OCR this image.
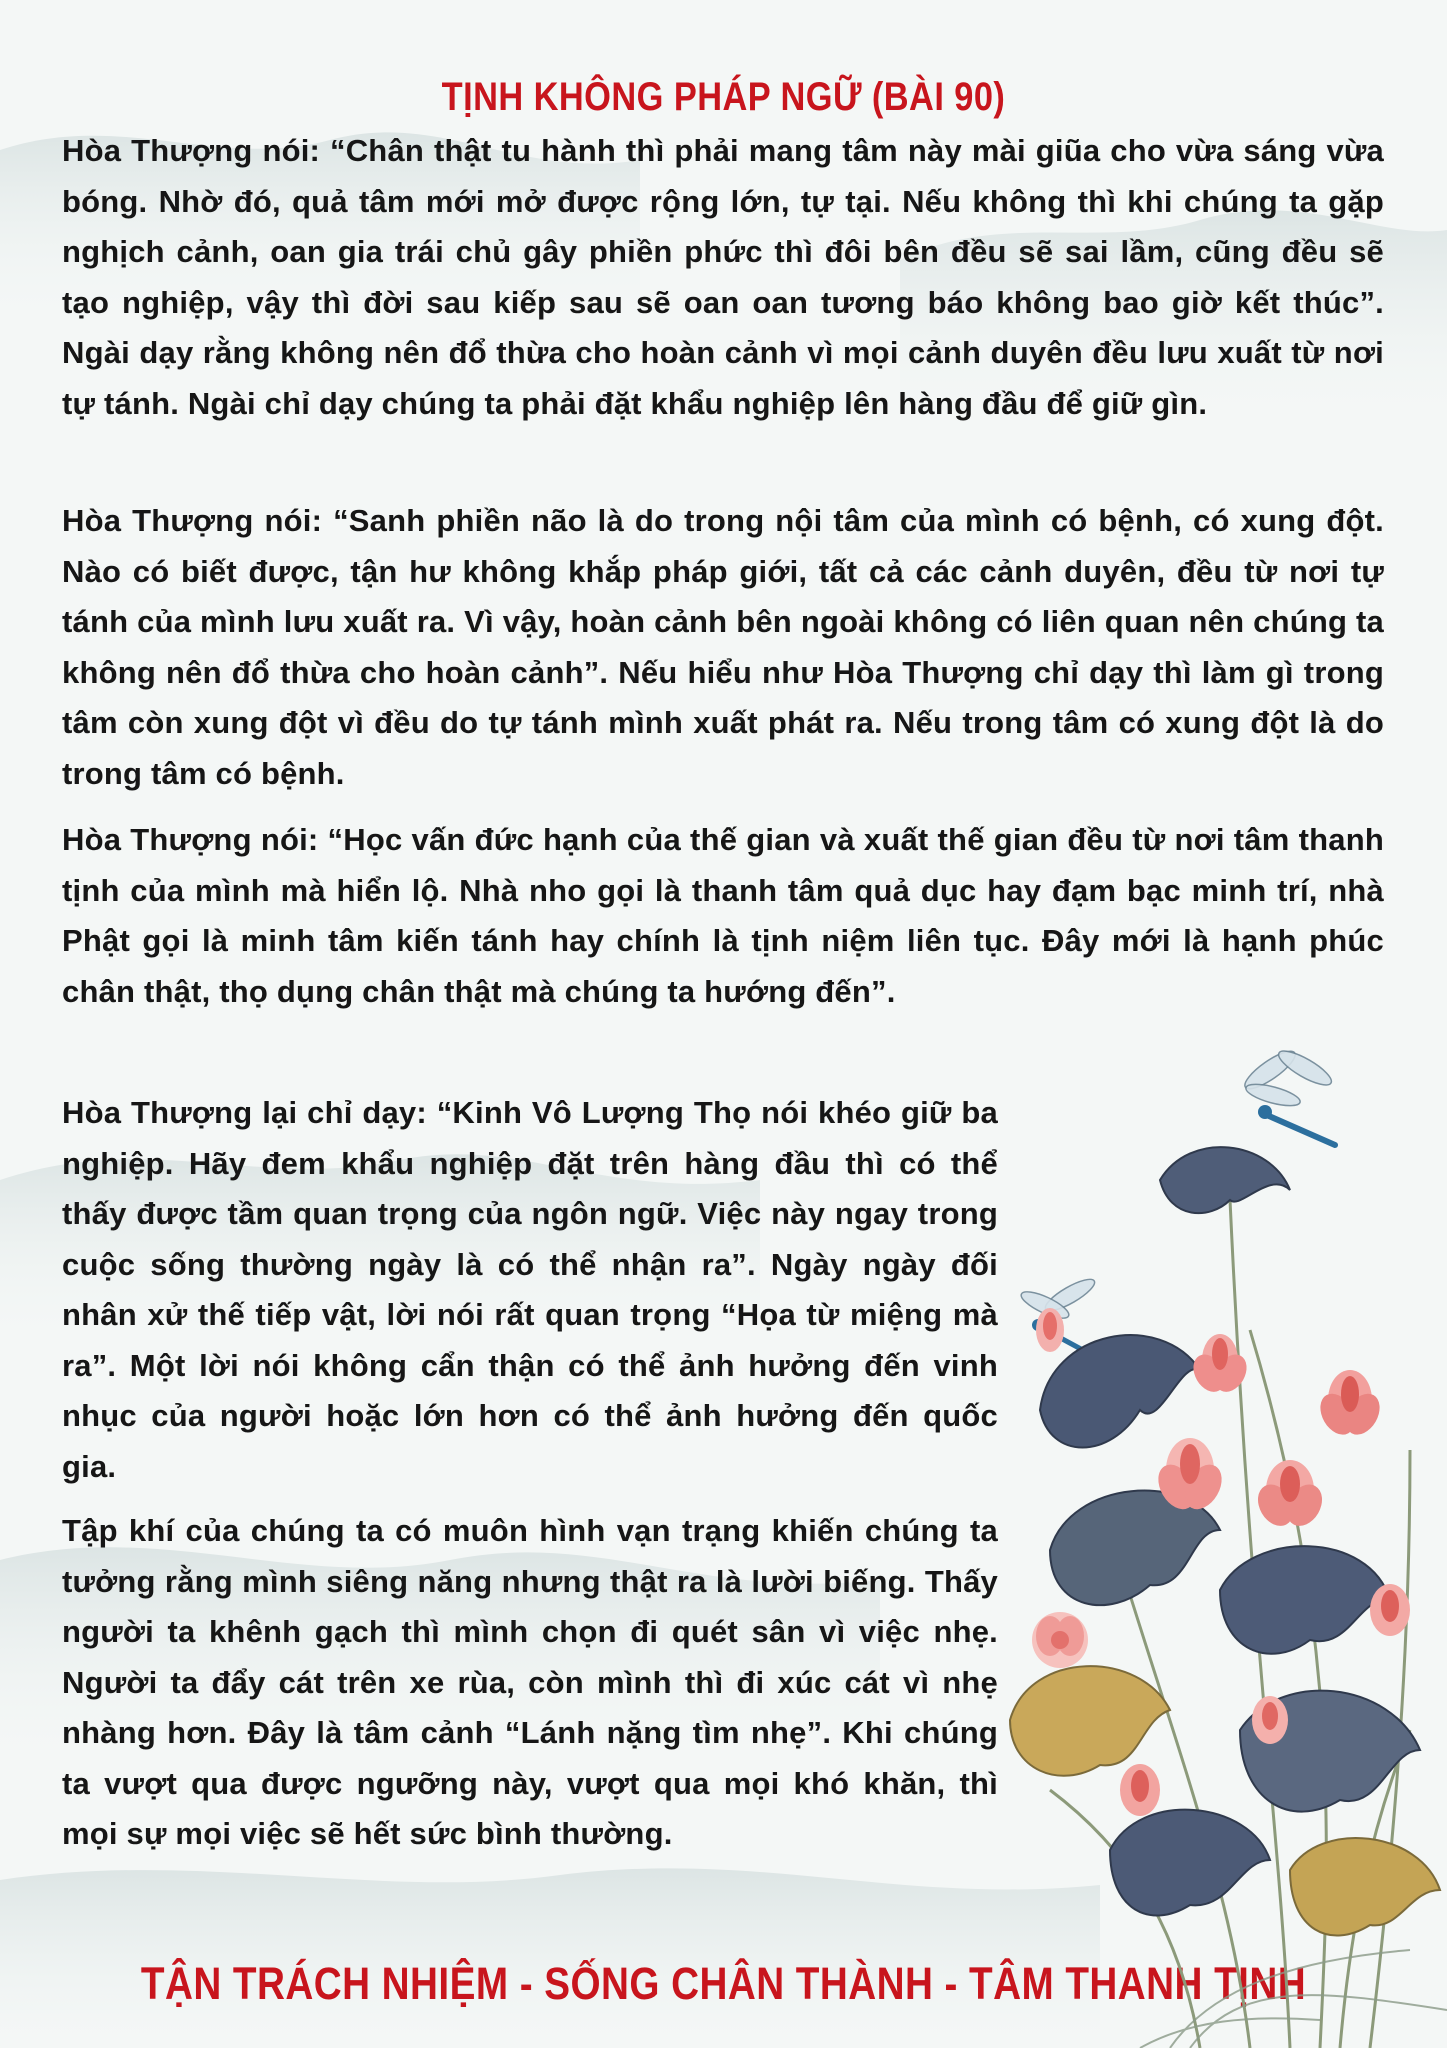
TỊNH KHÔNG PHÁP NGỮ (BÀI 90)

Hòa Thượng nói: “Chân thật tu hành thì phải mang tâm này mài giũa cho vừa sáng vừa bóng. Nhờ đó, quả tâm mới mở được rộng lớn, tự tại. Nếu không thì khi chúng ta gặp nghịch cảnh, oan gia trái chủ gây phiền phức thì đôi bên đều sẽ sai lầm, cũng đều sẽ tạo nghiệp, vậy thì đời sau kiếp sau sẽ oan oan tương báo không bao giờ kết thúc”. Ngài dạy rằng không nên đổ thừa cho hoàn cảnh vì mọi cảnh duyên đều lưu xuất từ nơi tự tánh. Ngài chỉ dạy chúng ta phải đặt khẩu nghiệp lên hàng đầu để giữ gìn.

Hòa Thượng nói: “Sanh phiền não là do trong nội tâm của mình có bệnh, có xung đột. Nào có biết được, tận hư không khắp pháp giới, tất cả các cảnh duyên, đều từ nơi tự tánh của mình lưu xuất ra. Vì vậy, hoàn cảnh bên ngoài không có liên quan nên chúng ta không nên đổ thừa cho hoàn cảnh”. Nếu hiểu như Hòa Thượng chỉ dạy thì làm gì trong tâm còn xung đột vì đều do tự tánh mình xuất phát ra. Nếu trong tâm có xung đột là do trong tâm có bệnh.

Hòa Thượng nói: “Học vấn đức hạnh của thế gian và xuất thế gian đều từ nơi tâm thanh tịnh của mình mà hiển lộ. Nhà nho gọi là thanh tâm quả dục hay đạm bạc minh trí, nhà Phật gọi là minh tâm kiến tánh hay chính là tịnh niệm liên tục. Đây mới là hạnh phúc chân thật, thọ dụng chân thật mà chúng ta hướng đến”.

Hòa Thượng lại chỉ dạy: “Kinh Vô Lượng Thọ nói khéo giữ ba nghiệp. Hãy đem khẩu nghiệp đặt trên hàng đầu thì có thể thấy được tầm quan trọng của ngôn ngữ. Việc này ngay trong cuộc sống thường ngày là có thể nhận ra”. Ngày ngày đối nhân xử thế tiếp vật, lời nói rất quan trọng “Họa từ miệng mà ra”. Một lời nói không cẩn thận có thể ảnh hưởng đến vinh nhục của người hoặc lớn hơn có thể ảnh hưởng đến quốc gia.

Tập khí của chúng ta có muôn hình vạn trạng khiến chúng ta tưởng rằng mình siêng năng nhưng thật ra là lười biếng. Thấy người ta khênh gạch thì mình chọn đi quét sân vì việc nhẹ. Người ta đẩy cát trên xe rùa, còn mình thì đi xúc cát vì nhẹ nhàng hơn. Đây là tâm cảnh “Lánh nặng tìm nhẹ”. Khi chúng ta vượt qua được ngưỡng này, vượt qua mọi khó khăn, thì mọi sự mọi việc sẽ hết sức bình thường.

TẬN TRÁCH NHIỆM - SỐNG CHÂN THÀNH - TÂM THANH TỊNH
